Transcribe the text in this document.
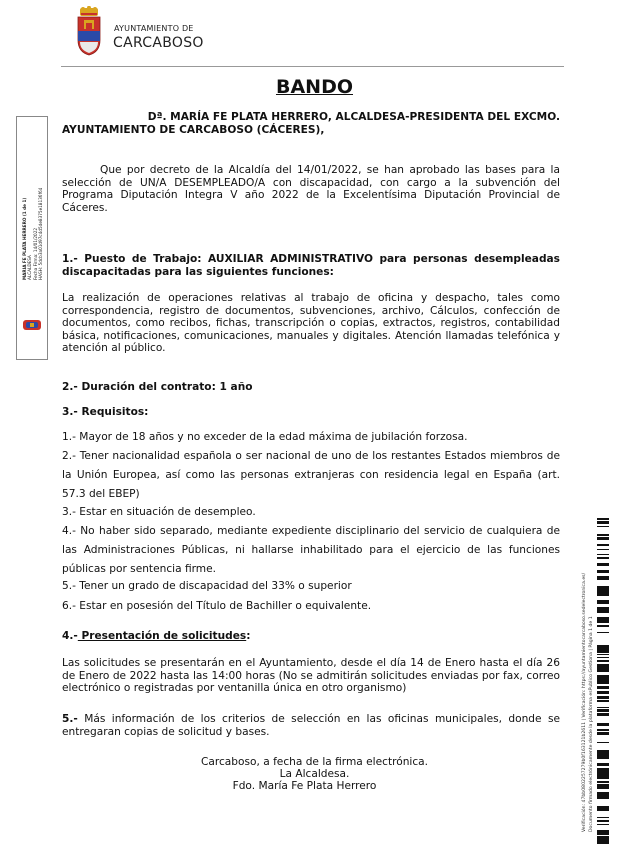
AYUNTAMIENTO DE
CARCABOSO
BANDO
Dª. MARÍA FE PLATA HERRERO, ALCALDESA-PRESIDENTA DEL EXCMO.
AYUNTAMIENTO DE CARCABOSO (CÁCERES),
Que por decreto de la Alcaldía del 14/01/2022, se han aprobado las bases para la selección de UN/A DESEMPLEADO/A con discapacidad, con cargo a la subvención del Programa Diputación Integra V año 2022 de la Excelentísima Diputación Provincial de Cáceres.
1.- Puesto de Trabajo: AUXILIAR ADMINISTRATIVO para personas desempleadas discapacitadas para las siguientes funciones:
La realización de operaciones relativas al trabajo de oficina y despacho, tales como correspondencia, registro de documentos, subvenciones, archivo, Cálculos, confección de documentos, como recibos, fichas, transcripción o copias, extractos, registros, contabilidad básica, notificaciones, comunicaciones, manuales y digitales. Atención llamadas telefónica y atención al público.
2.- Duración del contrato: 1 año
3.- Requisitos:
1.- Mayor de 18 años y no exceder de la edad máxima de jubilación forzosa.
2.- Tener nacionalidad española o ser nacional de uno de los restantes Estados miembros de la Unión Europea, así como las personas extranjeras con residencia legal en España (art. 57.3 del EBEP)
3.- Estar en situación de desempleo.
4.- No haber sido separado, mediante expediente disciplinario del servicio de cualquiera de las Administraciones Públicas, ni hallarse inhabilitado para el ejercicio de las funciones públicas por sentencia firme.
5.- Tener un grado de discapacidad del 33% o superior
6.- Estar en posesión del Título de Bachiller o equivalente.
4.- Presentación de solicitudes:
Las solicitudes se presentarán en el Ayuntamiento, desde el día 14 de Enero hasta el día 26 de Enero de 2022 hasta las 14:00 horas (No se admitirán solicitudes enviadas por fax, correo electrónico o registradas por ventanilla única en otro organismo)
5.- Más información de los criterios de selección en las oficinas municipales, donde se entregaran copias de solicitud y bases.
Carcaboso, a fecha de la firma electrónica.
La Alcaldesa.
Fdo. María Fe Plata Herrero
MARIA FE PLATA HERRERO (1 de 1) ALCALDESA Fecha Firma: 14/01/2022 HASH: 5dcb3a01d97c4d5de8375e18136f64
Verificación: 47bb0802257279b0f163121b2611 | Verificación: https://ayuntamientocarcaboso.sedelectronica.es/ Documento firmado electrónicamente desde la plataforma esPublico Gestiona | Página 1 de 1
